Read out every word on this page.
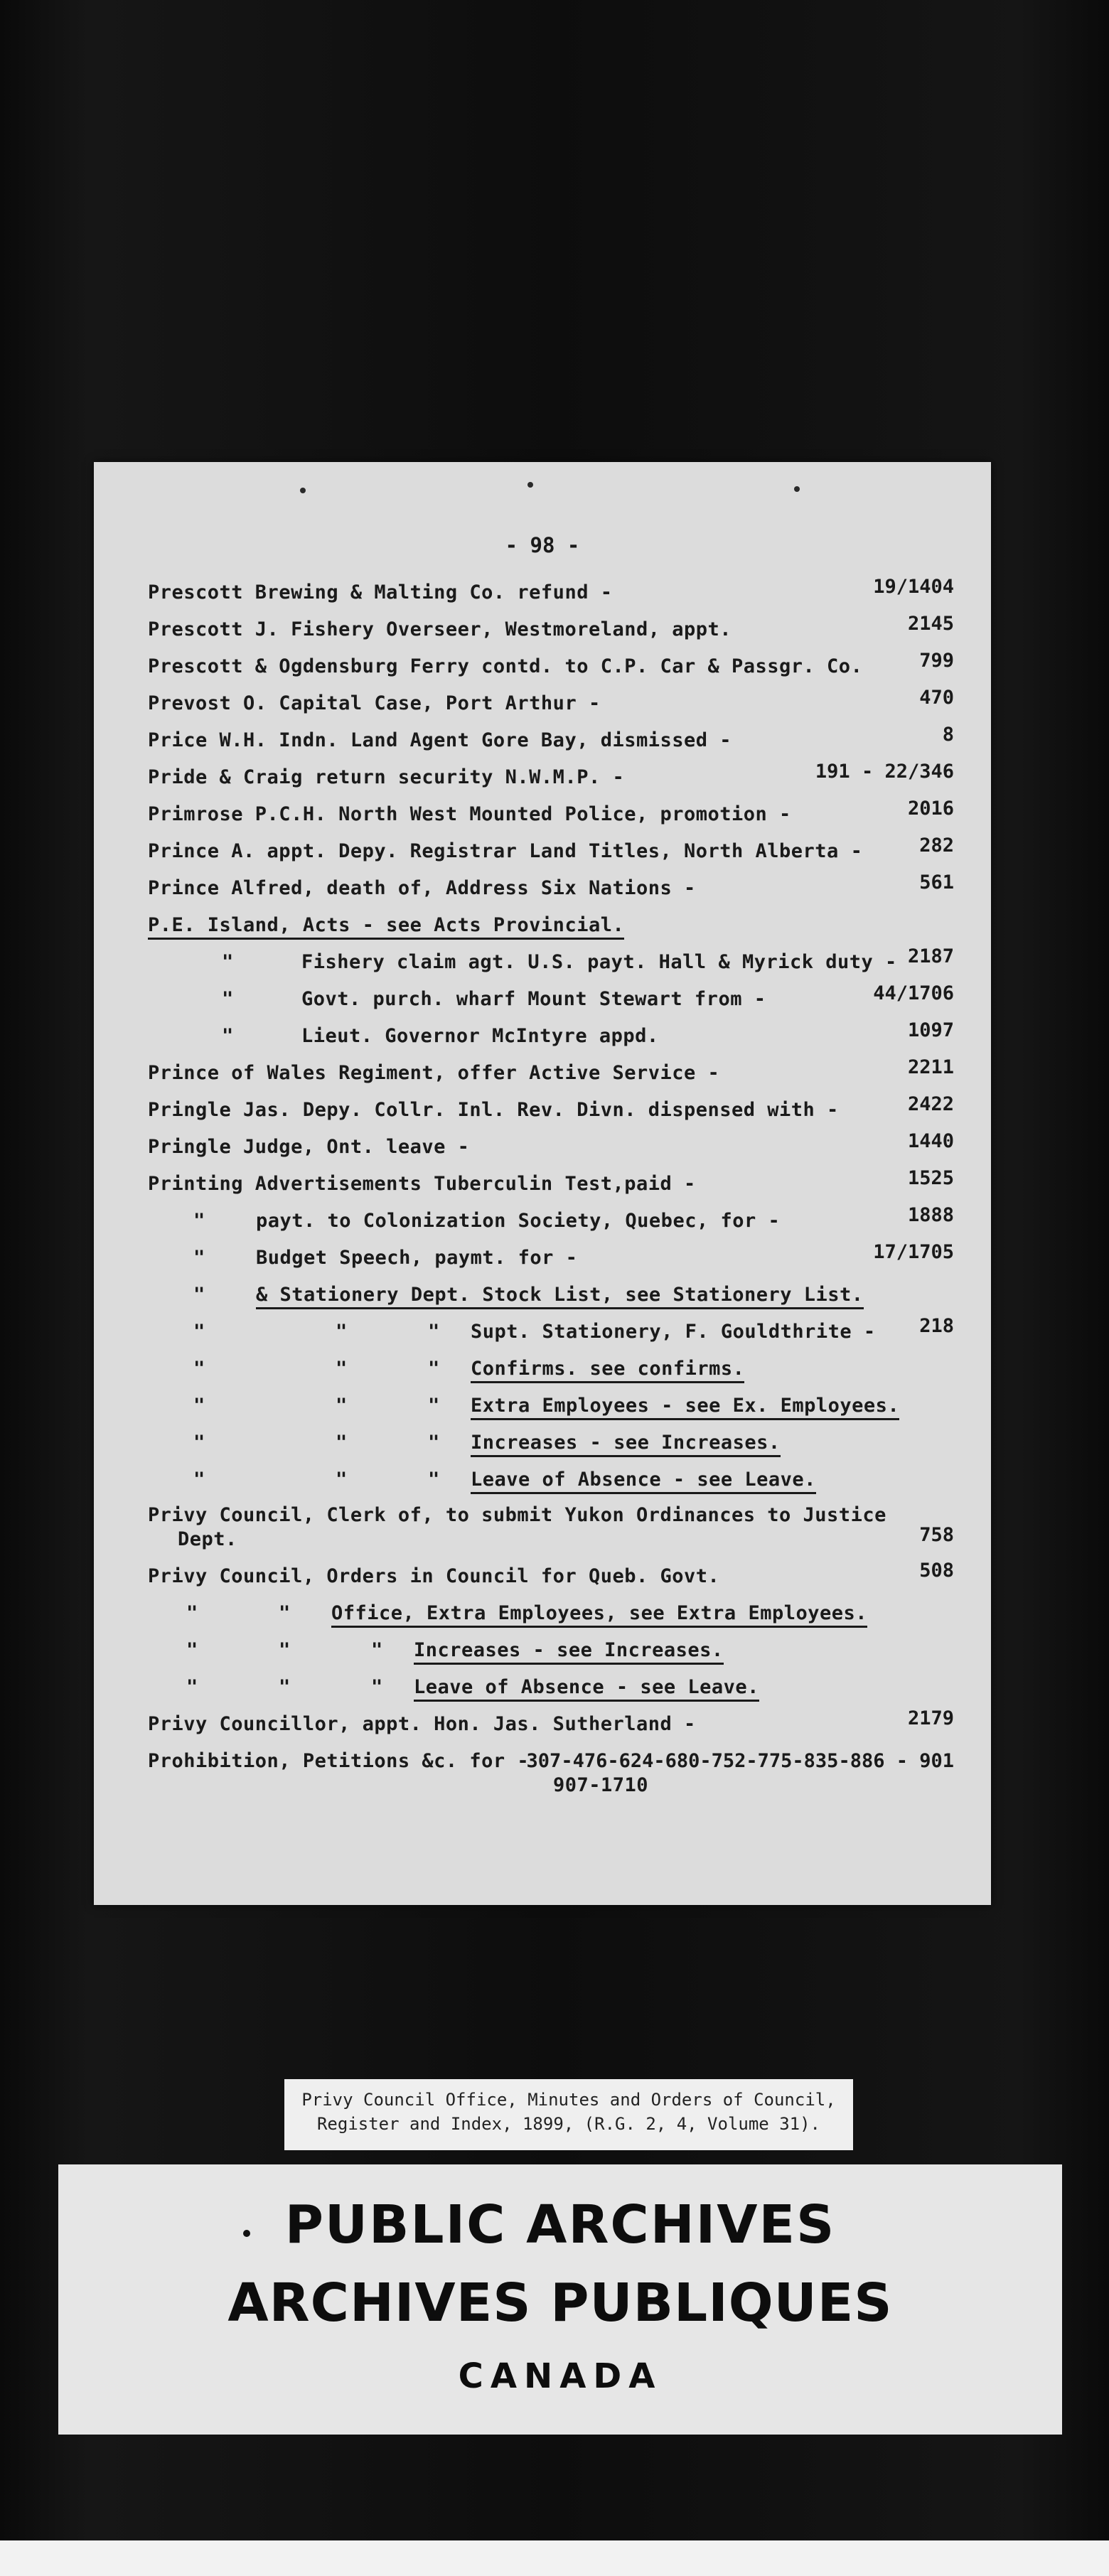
- 98 -
Prescott Brewing & Malting Co. refund -	19/1404
Prescott J. Fishery Overseer, Westmoreland, appt.	2145
Prescott & Ogdensburg Ferry contd. to C.P. Car & Passgr. Co.	799
Prevost O. Capital Case, Port Arthur -	470
Price W.H. Indn. Land Agent Gore Bay, dismissed -	8
Pride & Craig return security N.W.M.P. -	191 - 22/346
Primrose P.C.H. North West Mounted Police, promotion -	2016
Prince A. appt. Depy. Registrar Land Titles, North Alberta -	282
Prince Alfred, death of, Address Six Nations -	561
P.E. Island, Acts - see Acts Provincial.
"	Fishery claim agt. U.S. payt. Hall & Myrick duty - 2187
"	Govt. purch. wharf Mount Stewart from -	44/1706
"	Lieut. Governor McIntyre appd.	1097
Prince of Wales Regiment, offer Active Service -	2211
Pringle Jas. Depy. Collr. Inl. Rev. Divn. dispensed with -	2422
Pringle Judge, Ont. leave -	1440
Printing Advertisements Tuberculin Test,paid -	1525
"	payt. to Colonization Society, Quebec, for -	1888
"	Budget Speech, paymt. for -	17/1705
"	& Stationery Dept. Stock List, see Stationery List.
"	"	" Supt. Stationery, F. Gouldthrite - 218
"	"	" Confirms. see confirms.
"	"	" Extra Employees - see Ex. Employees.
"	"	" Increases - see Increases.
"	"	" Leave of Absence - see Leave.
Privy Council, Clerk of, to submit Yukon Ordinances to Justice
Dept.	758
Privy Council, Orders in Council for Queb. Govt.	508
"	" Office, Extra Employees, see Extra Employees.
"	"	" Increases - see Increases.
"	"	" Leave of Absence - see Leave.
Privy Councillor, appt. Hon. Jas. Sutherland -	2179
Prohibition, Petitions &c. for -
307-476-624-680-752-775-835-886 - 901
907-1710
Privy Council Office, Minutes and Orders of Council,
Register and Index, 1899, (R.G. 2, 4, Volume 31).
PUBLIC ARCHIVES
ARCHIVES PUBLIQUES
CANADA
